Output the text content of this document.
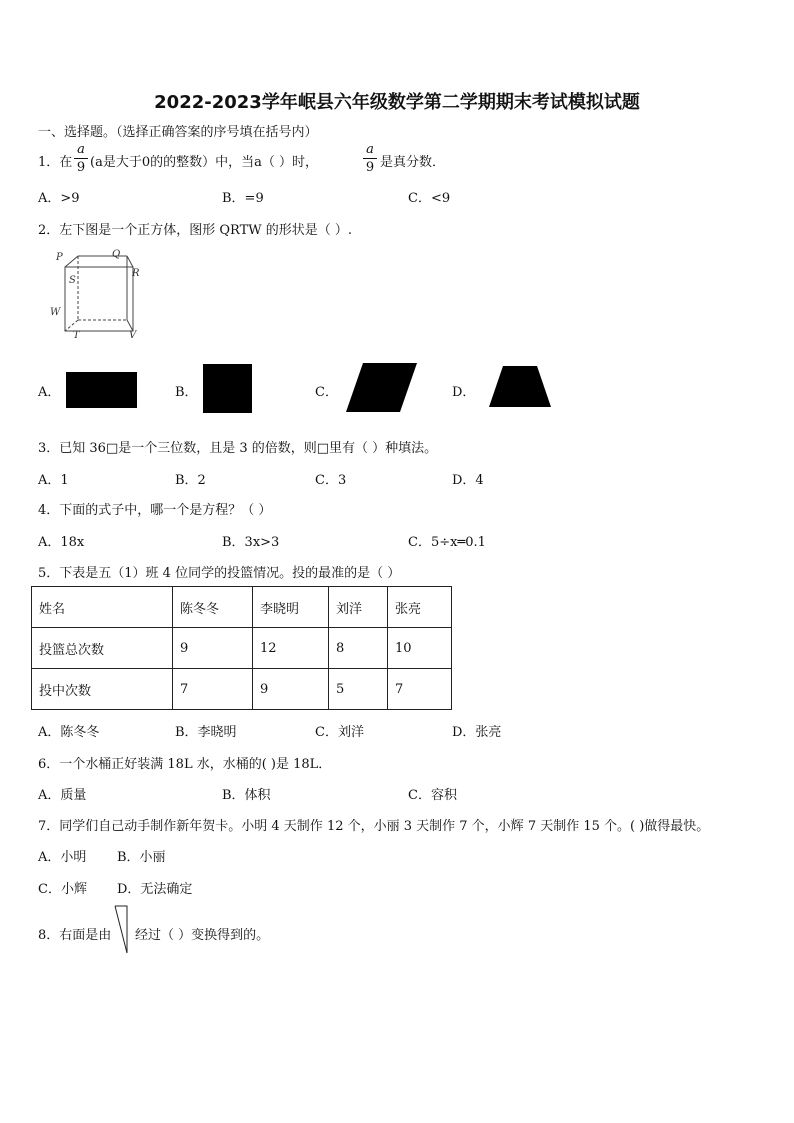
2022-2023学年岷县六年级数学第二学期期末考试模拟试题
一、选择题。（选择正确答案的序号填在括号内）
1．在
a
9 (a是大于0的的整数）中，当a（ ）时，
a
9 是真分数．
A．>9	B．=9	C．<9
2．左下图是一个正方体，图形 QRTW 的形状是（ ）.
P	Q
S
R
W
T	V
A．	B．	C．	D．
3．已知 36□是一个三位数，且是 3 的倍数，则□里有（ ）种填法。
A．1	B．2	C．3	D．4
4．下面的式子中，哪一个是方程？（ ）
A．18x	B．3x>3	C．5÷x═0.1
5．下表是五（1）班 4 位同学的投篮情况。投的最准的是（ ）
姓名	陈冬冬	李晓明	刘洋	张亮
投篮总次数	9	12	8	10
投中次数	7	9	5	7
A．陈冬冬	B．李晓明	C．刘洋	D．张亮
6．一个水桶正好装满 18L 水，水桶的( )是 18L．
A．质量	B．体积	C．容积
7．同学们自己动手制作新年贺卡。小明 4 天制作 12 个，小丽 3 天制作 7 个，小辉 7 天制作 15 个。( )做得最快。
A．小明 B．小丽
C．小辉 D．无法确定
8．右面是由 经过（ ）变换得到的。
